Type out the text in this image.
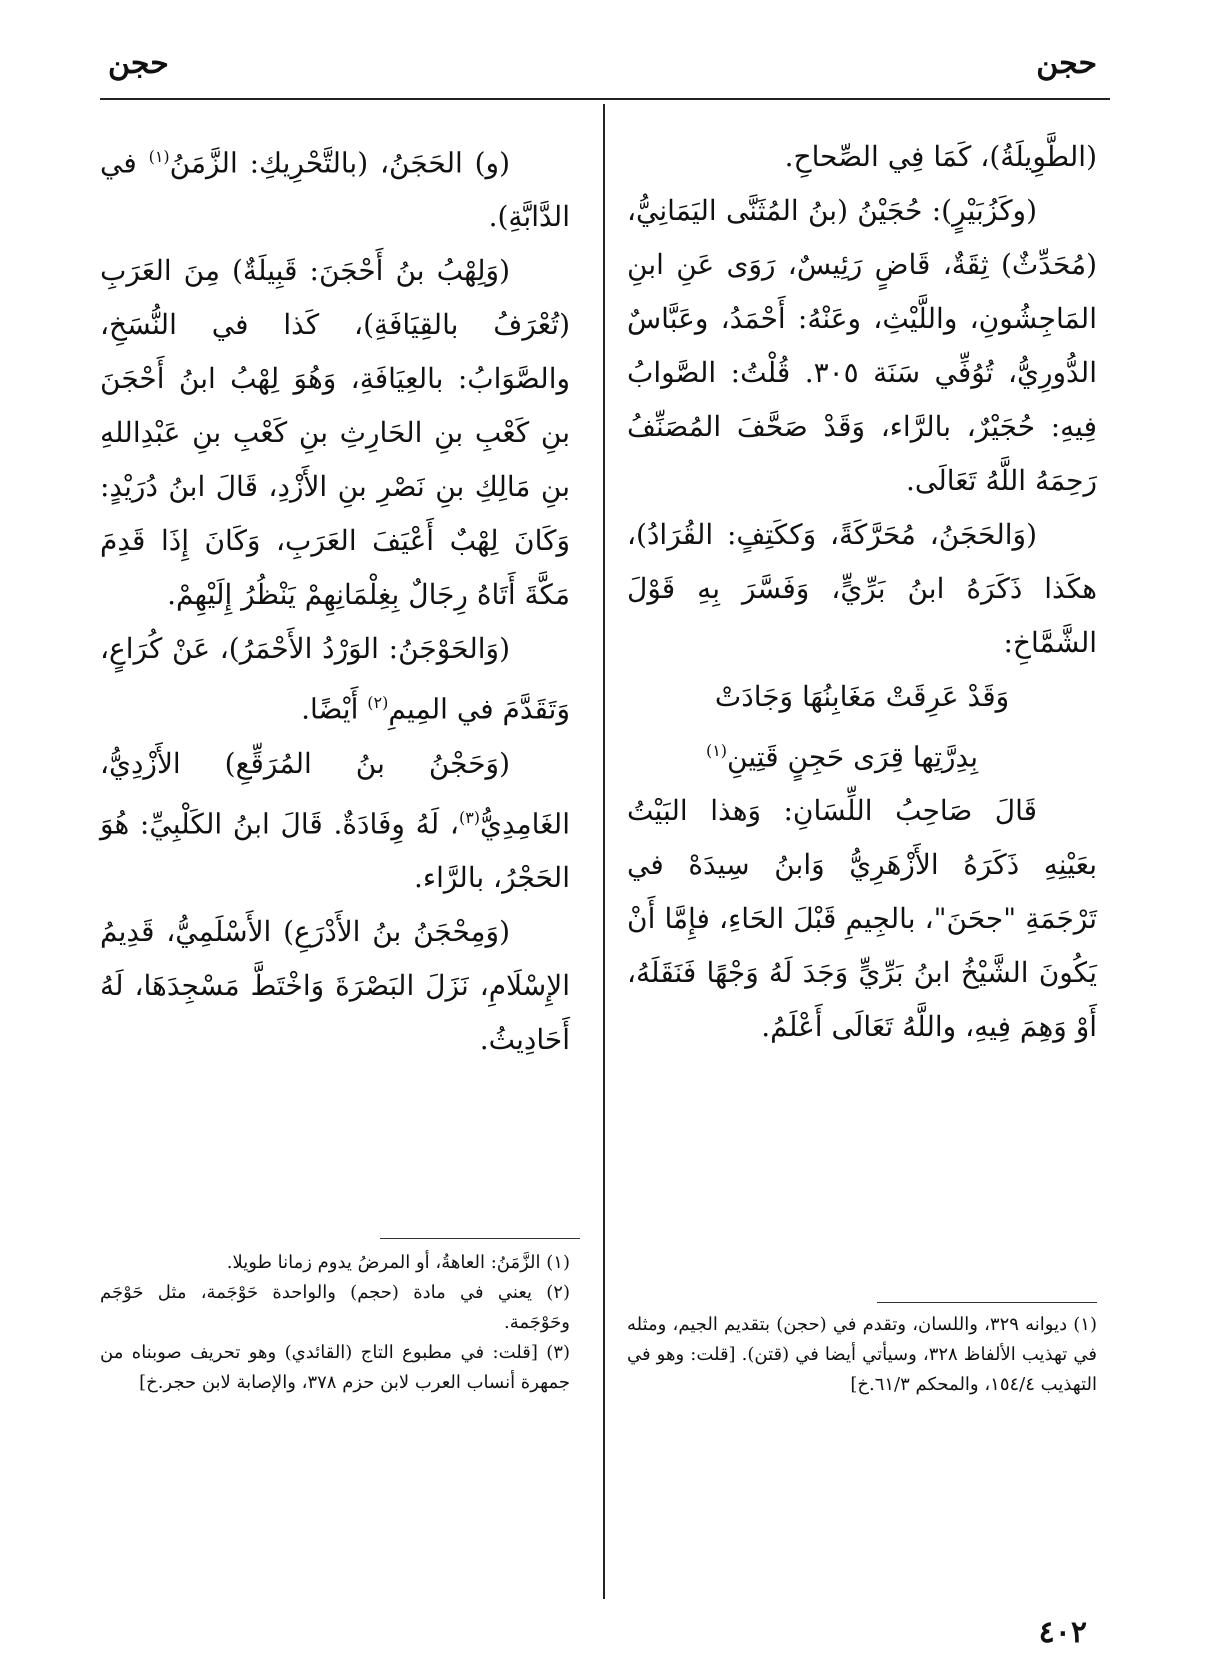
حجن
حجن

(الطَّوِيلَةُ)، كَمَا فِي الصِّحاحِ.

(وكَزُبَيْرٍ): حُجَيْنُ (بنُ المُثَنَّى اليَمَانِيُّ، (مُحَدِّثٌ) ثِقَةٌ، قَاضٍ رَئِيسٌ، رَوَى عَنِ ابنِ المَاجِشُونِ، واللَّيْثِ، وعَنْهُ: أَحْمَدُ، وعَبَّاسٌ الدُّورِيُّ، تُوُفِّي سَنَة ٣٠٥. قُلْتُ: الصَّوابُ فِيهِ: حُجَيْرٌ، بالرَّاء، وَقَدْ صَحَّفَ المُصَنِّفُ رَحِمَهُ اللَّهُ تَعَالَى.

(وَالحَجَنُ، مُحَرَّكَةً، وَككَتِفٍ: القُرَادُ)، هكَذا ذَكَرَهُ ابنُ بَرِّيٍّ، وَفَسَّرَ بِهِ قَوْلَ الشَّمَّاخِ:

وَقَدْ عَرِقَتْ مَغَابِنُهَا وَجَادَتْ

بِدِرَّتِها قِرَى حَجِنٍ قَتِينِ$^{(١)}$

قَالَ صَاحِبُ اللِّسَانِ: وَهذا البَيْتُ بعَيْنِهِ ذَكَرَهُ الأَزْهَرِيُّ وَابنُ سِيدَهْ في تَرْجَمَةِ "جحَنَ"، بالجِيمِ قَبْلَ الحَاءِ، فإِمَّا أَنْ يَكُونَ الشَّيْخُ ابنُ بَرِّيٍّ وَجَدَ لَهُ وَجْهًا فَنَقَلَهُ، أَوْ وَهِمَ فِيهِ، واللَّهُ تَعَالَى أَعْلَمُ.

(و) الحَجَنُ، (بالتَّحْرِيكِ: الزَّمَنُ$^{(١)}$ في الدَّابَّةِ).

(وَلِهْبُ بنُ أَحْجَنَ: قَبِيلَةٌ) مِنَ العَرَبِ (تُعْرَفُ بالقِيَافَةِ)، كَذا في النُّسَخِ، والصَّوَابُ: بالعِيَافَةِ، وَهُوَ لِهْبُ ابنُ أَحْجَنَ بنِ كَعْبِ بنِ الحَارِثِ بنِ كَعْبِ بنِ عَبْدِاللهِ بنِ مَالِكِ بنِ نَصْرِ بنِ الأَزْدِ، قَالَ ابنُ دُرَيْدٍ: وَكَانَ لِهْبٌ أَعْيَفَ العَرَبِ، وَكَانَ إِذَا قَدِمَ مَكَّةَ أَتَاهُ رِجَالٌ بِغِلْمَانِهِمْ يَنْظُرُ إِلَيْهِمْ.

(وَالحَوْجَنُ: الوَرْدُ الأَحْمَرُ)، عَنْ كُرَاعٍ، وَتَقَدَّمَ في المِيمِ$^{(٢)}$ أَيْضًا.

(وَحَجْنُ بنُ المُرَقِّعِ) الأَزْدِيُّ، الغَامِدِيُّ$^{(٣)}$، لَهُ وِفَادَةٌ. قَالَ ابنُ الكَلْبِيِّ: هُوَ الحَجْرُ، بالرَّاء.

(وَمِحْجَنُ بنُ الأَدْرَعِ) الأَسْلَمِيُّ، قَدِيمُ الإِسْلَامِ، نَزَلَ البَصْرَةَ وَاخْتَطَّ مَسْجِدَهَا، لَهُ أَحَادِيثُ.

(١) ديوانه ٣٢٩، واللسان، وتقدم في (حجن) بتقديم الجيم، ومثله في تهذيب الألفاظ ٣٢٨، وسيأتي أيضا في (قتن). [قلت: وهو في التهذيب ١٥٤/٤، والمحكم ٦١/٣.خ]

(١) الزَّمَنُ: العاهةُ، أو المرضُ يدوم زمانا طويلا.

(٢) يعني في مادة (حجم) والواحدة حَوْجَمة، مثل حَوْجَم وحَوْجَمة.

(٣) [قلت: في مطبوع التاج (القائدي) وهو تحريف صوبناه من جمهرة أنساب العرب لابن حزم ٣٧٨، والإصابة لابن حجر.خ]

٤٠٢
